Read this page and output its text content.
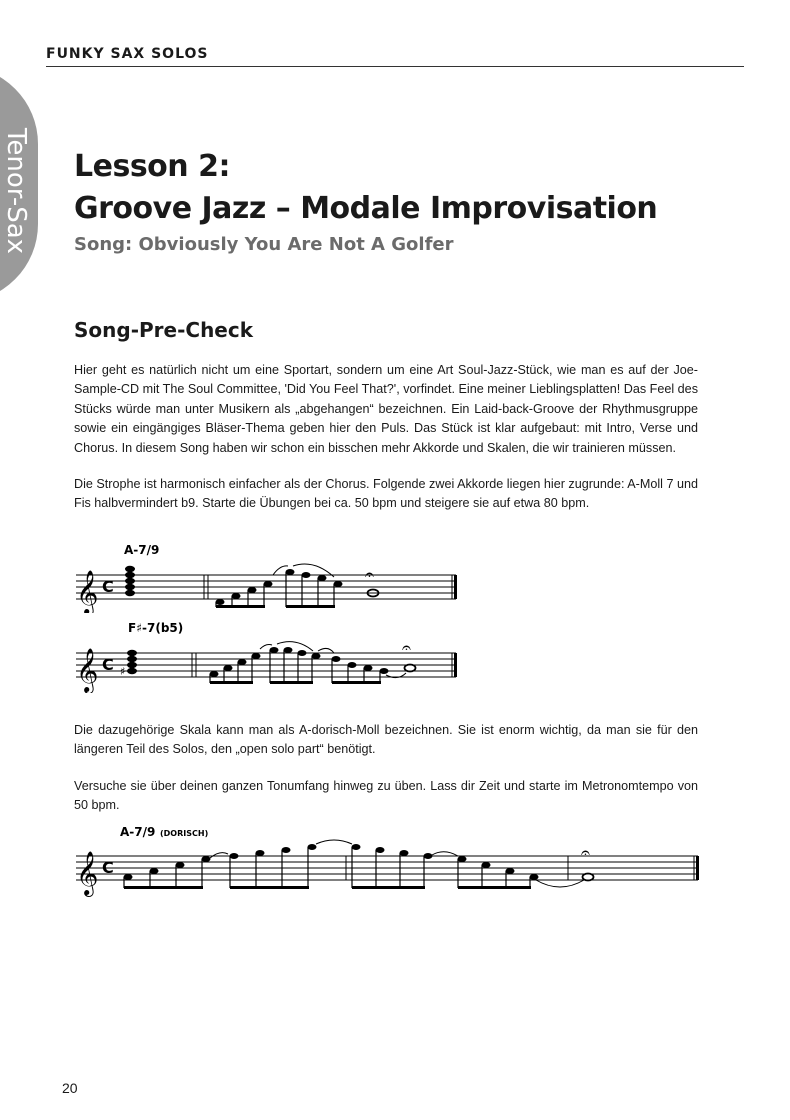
Tenor-Sax
FUNKY SAX SOLOS
Lesson 2:
Groove Jazz – Modale Improvisation
Song: Obviously You Are Not A Golfer
Song-Pre-Check

Hier geht es natürlich nicht um eine Sportart, sondern um eine Art Soul-Jazz-Stück, wie man es auf der Joe-Sample-CD mit The Soul Committee, 'Did You Feel That?', vorfindet. Eine meiner Lieblingsplatten! Das Feel des Stücks würde man unter Musikern als „abgehangen“ bezeichnen. Ein Laid-back-Groove der Rhythmusgruppe sowie ein eingängiges Bläser-Thema geben hier den Puls. Das Stück ist klar aufgebaut: mit Intro, Verse und Chorus. In diesem Song haben wir schon ein bisschen mehr Akkorde und Skalen, die wir trainieren müssen.

Die Strophe ist harmonisch einfacher als der Chorus. Folgende zwei Akkorde liegen hier zugrunde: A-Moll 7 und Fis halbvermindert b9. Starte die Übungen bei ca. 50 bpm und steigere sie auf etwa 80 bpm.

A-7/9
𝄞 C
𝄐
F♯-7(b5)
𝄞 C ♯
𝄐

Die dazugehörige Skala kann man als A-dorisch-Moll bezeichnen. Sie ist enorm wichtig, da man sie für den längeren Teil des Solos, den „open solo part“ benötigt.

Versuche sie über deinen ganzen Tonumfang hinweg zu üben. Lass dir Zeit und starte im Metronomtempo von 50 bpm.

A-7/9 (DORISCH)
𝄞 C
𝄐
20
